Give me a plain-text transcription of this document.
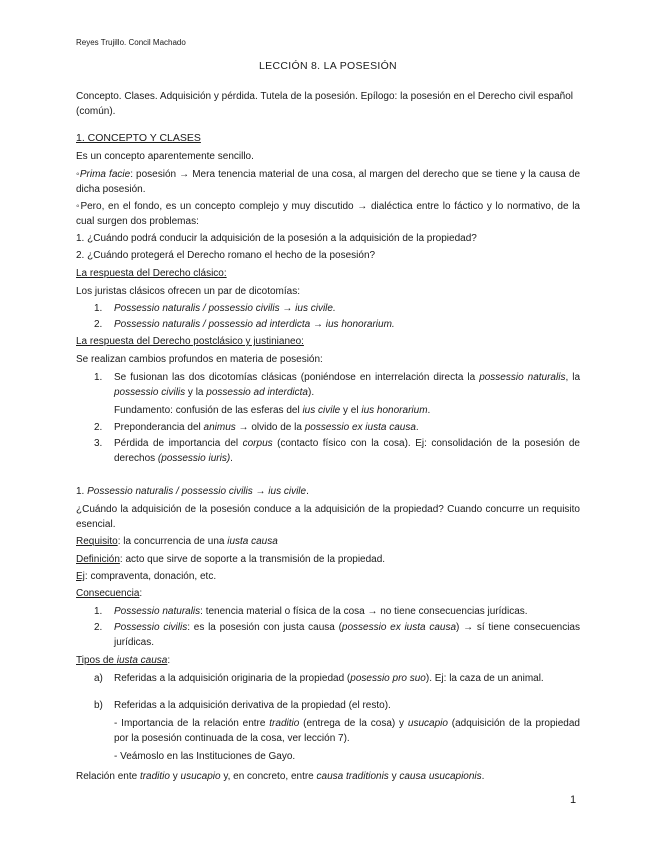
Reyes Trujillo. Concil Machado
LECCIÓN 8. LA POSESIÓN
Concepto. Clases. Adquisición y pérdida. Tutela de la posesión. Epílogo: la posesión en el Derecho civil español (común).
1. CONCEPTO Y CLASES
Es un concepto aparentemente sencillo.
◦Prima facie: posesión → Mera tenencia material de una cosa, al margen del derecho que se tiene y la causa de dicha posesión.
◦Pero, en el fondo, es un concepto complejo y muy discutido → dialéctica entre lo fáctico y lo normativo, de la cual surgen dos problemas:
1. ¿Cuándo podrá conducir la adquisición de la posesión a la adquisición de la propiedad?
2. ¿Cuándo protegerá el Derecho romano el hecho de la posesión?
La respuesta del Derecho clásico:
Los juristas clásicos ofrecen un par de dicotomías:
1.	Possessio naturalis / possessio civilis → ius civile.
2.	Possessio naturalis / possessio ad interdicta → ius honorarium.
La respuesta del Derecho postclásico y justinianeo:
Se realizan cambios profundos en materia de posesión:
1.	Se fusionan las dos dicotomías clásicas (poniéndose en interrelación directa la possessio naturalis, la possessio civilis y la possessio ad interdicta).
Fundamento: confusión de las esferas del ius civile y el ius honorarium.
2.	Preponderancia del animus → olvido de la possessio ex iusta causa.
3.	Pérdida de importancia del corpus (contacto físico con la cosa). Ej: consolidación de la posesión de derechos (possessio iuris).
1. Possessio naturalis / possessio civilis → ius civile.
¿Cuándo la adquisición de la posesión conduce a la adquisición de la propiedad? Cuando concurre un requisito esencial.
Requisito: la concurrencia de una iusta causa
Definición: acto que sirve de soporte a la transmisión de la propiedad.
Ej: compraventa, donación, etc.
Consecuencia:
1.	Possessio naturalis: tenencia material o física de la cosa → no tiene consecuencias jurídicas.
2.	Possessio civilis: es la posesión con justa causa (possessio ex iusta causa) → sí tiene consecuencias jurídicas.
Tipos de iusta causa:
a)	Referidas a la adquisición originaria de la propiedad (posessio pro suo). Ej: la caza de un animal.
b)	Referidas a la adquisición derivativa de la propiedad (el resto).
- Importancia de la relación entre traditio (entrega de la cosa) y usucapio (adquisición de la propiedad por la posesión continuada de la cosa, ver lección 7).
- Veámoslo en las Instituciones de Gayo.
Relación ente traditio y usucapio y, en concreto, entre causa traditionis y causa usucapionis.
1
